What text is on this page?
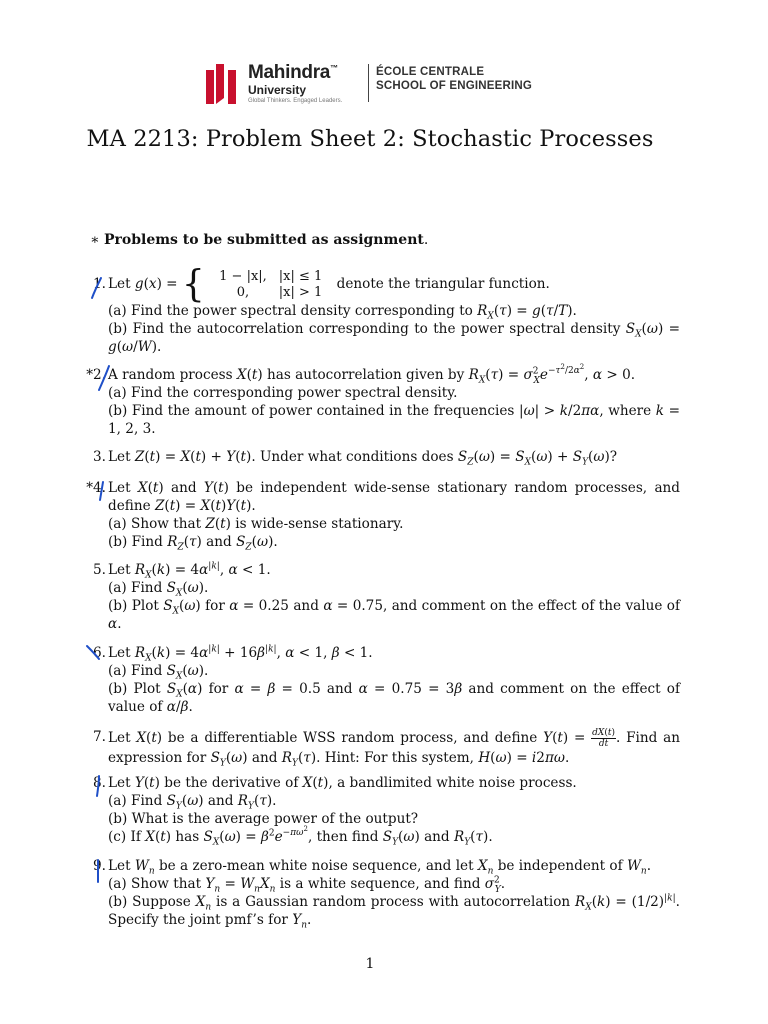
Mahindra™
University
Global Thinkers. Engaged Leaders.
ÉCOLE CENTRALE
SCHOOL OF ENGINEERING
MA 2213: Problem Sheet 2: Stochastic Processes
∗ Problems to be submitted as assignment.
1. Let g(x) = { 1 − |x|,	|x| ≤ 1
0,	|x| > 1 denote the triangular function.
(a) Find the power spectral density corresponding to $R_X(\tau) = g(\tau/T)$.
(b) Find the autocorrelation corresponding to the power spectral density $S_X(\omega) = g(\omega/W)$.
*2. A random process X(t) has autocorrelation given by $R_X(\tau) = \sigma^2_Xe^{-\tau^2/2\alpha^2}$, α > 0.
(a) Find the corresponding power spectral density.
(b) Find the amount of power contained in the frequencies |ω| > k/2πα, where k = 1, 2, 3.
3. Let Z(t) = X(t) + Y(t). Under what conditions does $S_Z(\omega) = S_X(\omega) + S_Y(\omega)$?
*4. Let X(t) and Y(t) be independent wide-sense stationary random processes, and define Z(t) = X(t)Y(t).
(a) Show that Z(t) is wide-sense stationary.
(b) Find $R_Z(\tau)$ and $S_Z(\omega)$.
5. Let $R_X(k) = 4\alpha^{|k|}$, α < 1.
(a) Find $S_X(\omega)$.
(b) Plot $S_X(\omega)$ for α = 0.25 and α = 0.75, and comment on the effect of the value of α.
6. Let $R_X(k) = 4\alpha^{|k|} + 16\beta^{|k|}$, α < 1, β < 1.
(a) Find $S_X(\omega)$.
(b) Plot $S_X(\alpha)$ for α = β = 0.5 and α = 0.75 = 3β and comment on the effect of value of α/β.
7. Let X(t) be a differentiable WSS random process, and define $Y(t) = \frac{dX(t)}{dt}$. Find an expression for $S_Y(\omega)$ and $R_Y(\tau)$. Hint: For this system, H(ω) = i2πω.
8. Let Y(t) be the derivative of X(t), a bandlimited white noise process.
(a) Find $S_Y(\omega)$ and $R_Y(\tau)$.
(b) What is the average power of the output?
(c) If X(t) has $S_X(\omega) = \beta^2e^{-\pi\omega^2}$, then find $S_Y(\omega)$ and $R_Y(\tau)$.
9. Let $W_n$ be a zero-mean white noise sequence, and let $X_n$ be independent of $W_n$.
(a) Show that $Y_n = W_nX_n$ is a white sequence, and find $\sigma^2_Y$.
(b) Suppose $X_n$ is a Gaussian random process with autocorrelation $R_X(k) = (1/2)^{|k|}$. Specify the joint pmf’s for $Y_n$.
1
